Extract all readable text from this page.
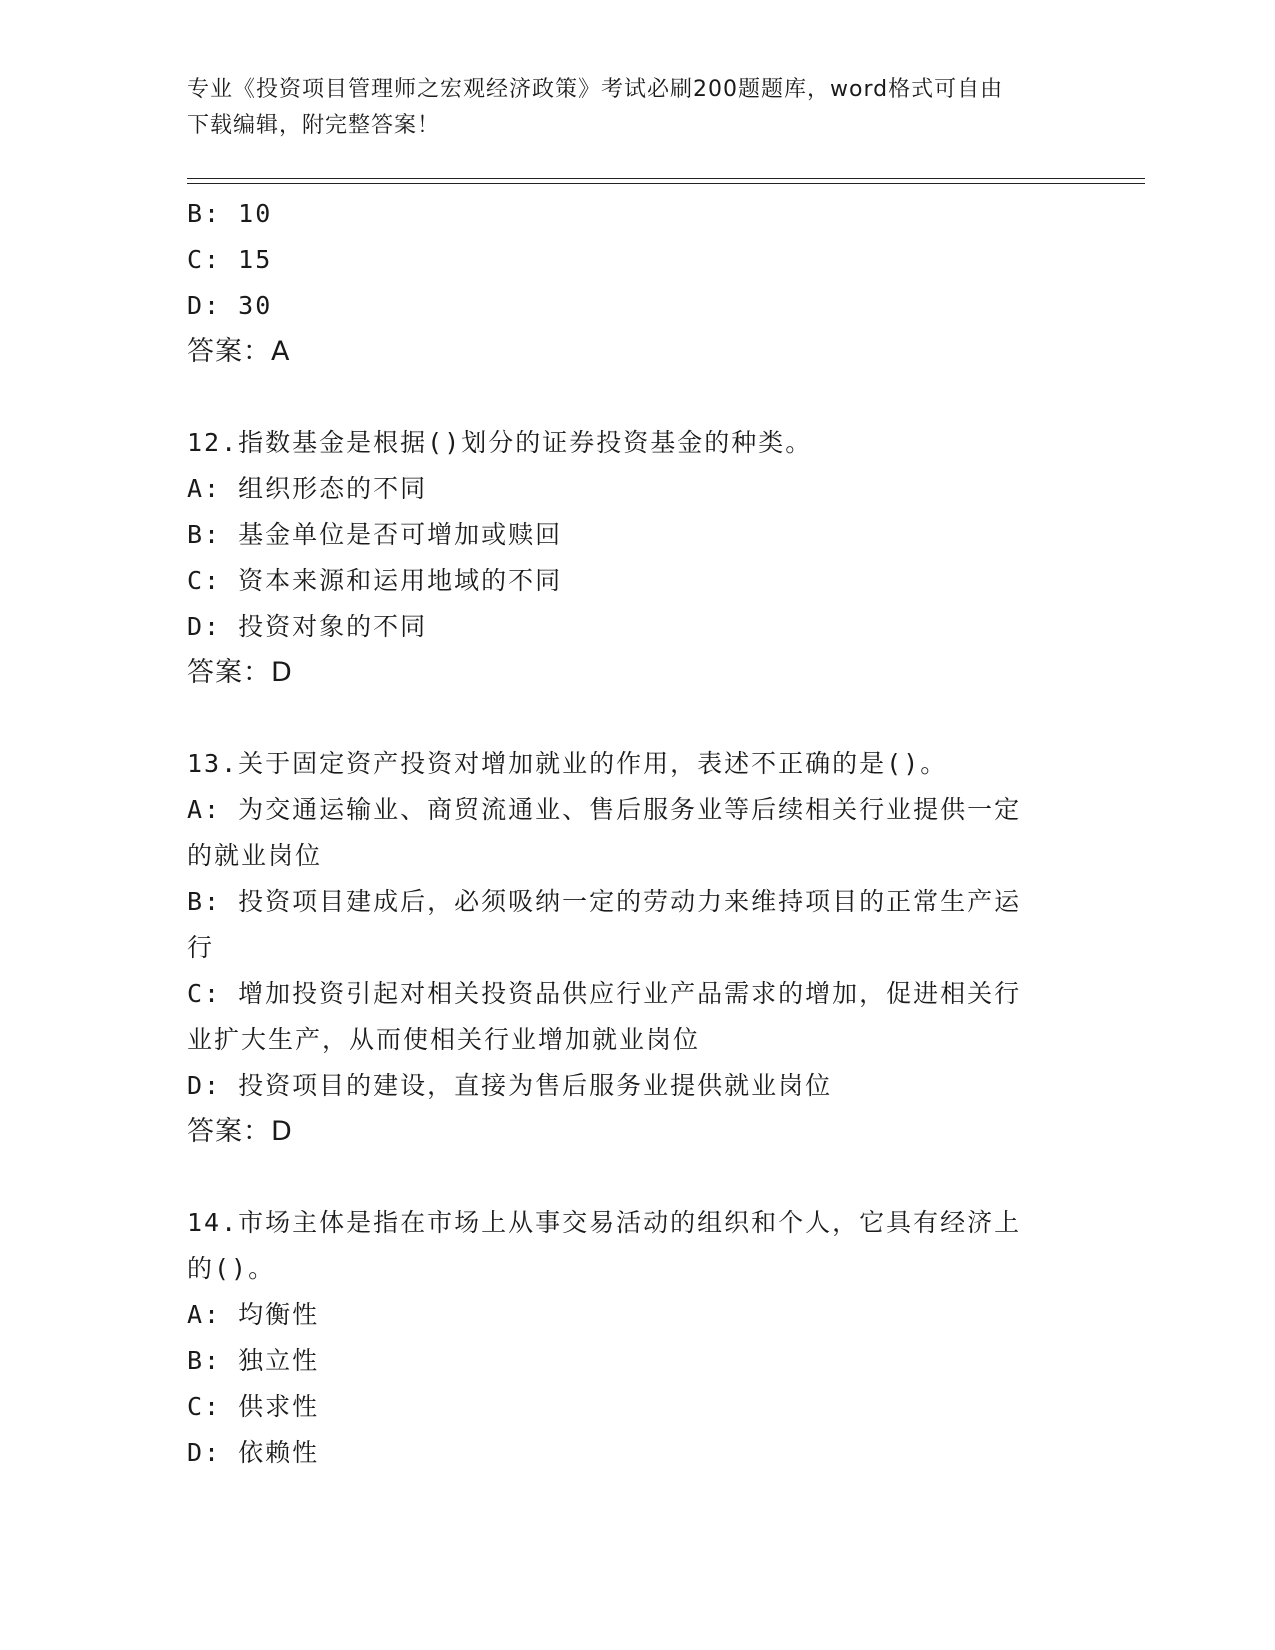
专业《投资项目管理师之宏观经济政策》考试必刷200题题库，word格式可自由
下载编辑，附完整答案！

B: 10

C: 15

D: 30

答案：A

12.指数基金是根据()划分的证券投资基金的种类。

A: 组织形态的不同

B: 基金单位是否可增加或赎回

C: 资本来源和运用地域的不同

D: 投资对象的不同

答案：D

13.关于固定资产投资对增加就业的作用，表述不正确的是()。

A: 为交通运输业、商贸流通业、售后服务业等后续相关行业提供一定

的就业岗位

B: 投资项目建成后，必须吸纳一定的劳动力来维持项目的正常生产运

行

C: 增加投资引起对相关投资品供应行业产品需求的增加，促进相关行

业扩大生产，从而使相关行业增加就业岗位

D: 投资项目的建设，直接为售后服务业提供就业岗位

答案：D

14.市场主体是指在市场上从事交易活动的组织和个人，它具有经济上

的()。

A: 均衡性

B: 独立性

C: 供求性

D: 依赖性
